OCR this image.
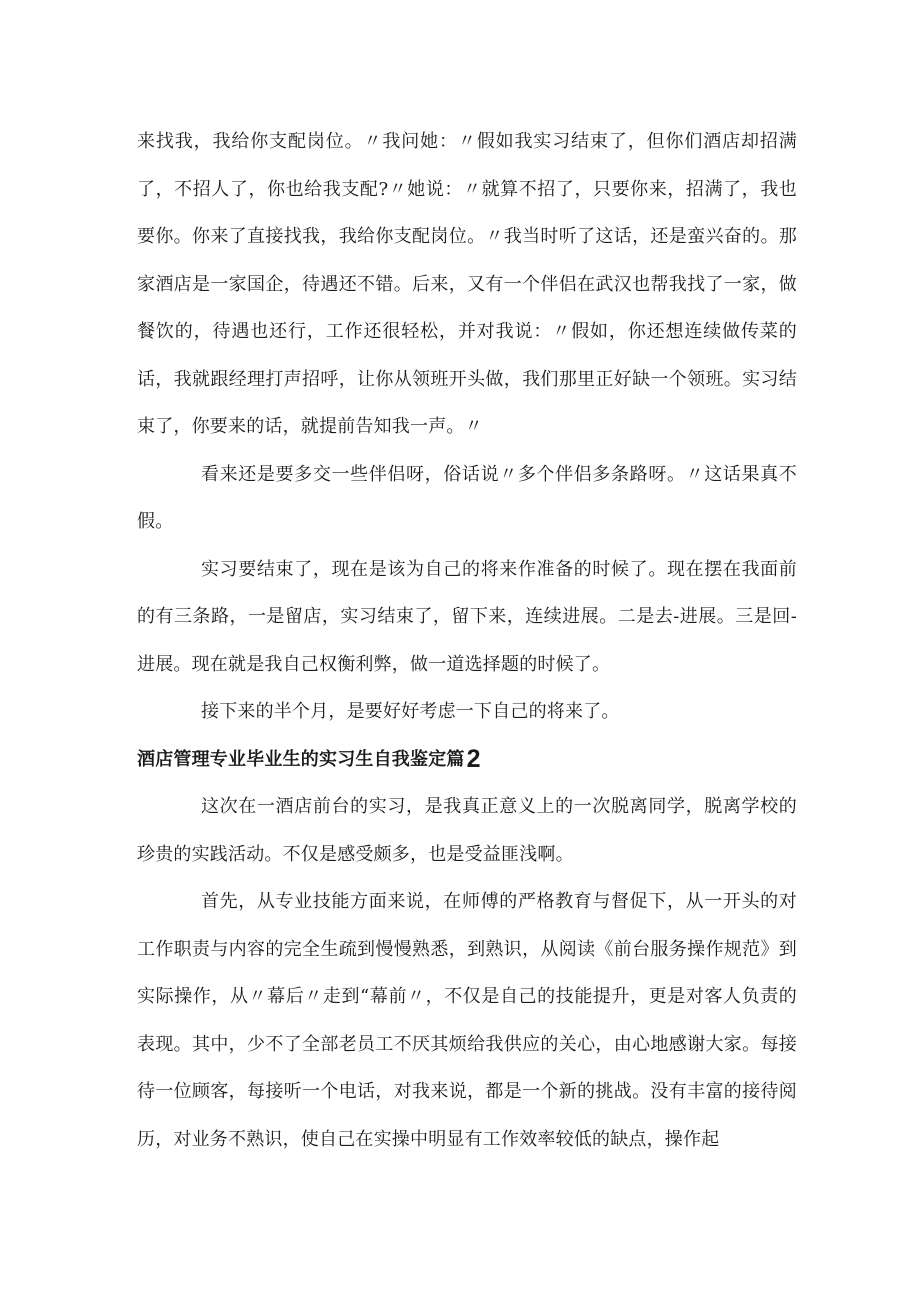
来找我，我给你支配岗位。〃我问她：〃假如我实习结束了，但你们酒店却招满了，不招人了，你也给我支配?〃她说：〃就算不招了，只要你来，招满了，我也要你。你来了直接找我，我给你支配岗位。〃我当时听了这话，还是蛮兴奋的。那家酒店是一家国企，待遇还不错。后来，又有一个伴侣在武汉也帮我找了一家，做餐饮的，待遇也还行，工作还很轻松，并对我说：〃假如，你还想连续做传菜的话，我就跟经理打声招呼，让你从领班开头做，我们那里正好缺一个领班。实习结束了，你要来的话，就提前告知我一声。〃

看来还是要多交一些伴侣呀，俗话说〃多个伴侣多条路呀。〃这话果真不假。

实习要结束了，现在是该为自己的将来作准备的时候了。现在摆在我面前的有三条路，一是留店，实习结束了，留下来，连续进展。二是去-进展。三是回-进展。现在就是我自己权衡利弊，做一道选择题的时候了。

接下来的半个月，是要好好考虑一下自己的将来了。

酒店管理专业毕业生的实习生自我鉴定篇2

这次在一酒店前台的实习，是我真正意义上的一次脱离同学，脱离学校的珍贵的实践活动。不仅是感受颇多，也是受益匪浅啊。

首先，从专业技能方面来说，在师傅的严格教育与督促下，从一开头的对工作职责与内容的完全生疏到慢慢熟悉，到熟识，从阅读《前台服务操作规范》到实际操作，从〃幕后〃走到“幕前〃，不仅是自己的技能提升，更是对客人负责的表现。其中，少不了全部老员工不厌其烦给我供应的关心，由心地感谢大家。每接待一位顾客，每接听一个电话，对我来说，都是一个新的挑战。没有丰富的接待阅历，对业务不熟识，使自己在实操中明显有工作效率较低的缺点，操作起
